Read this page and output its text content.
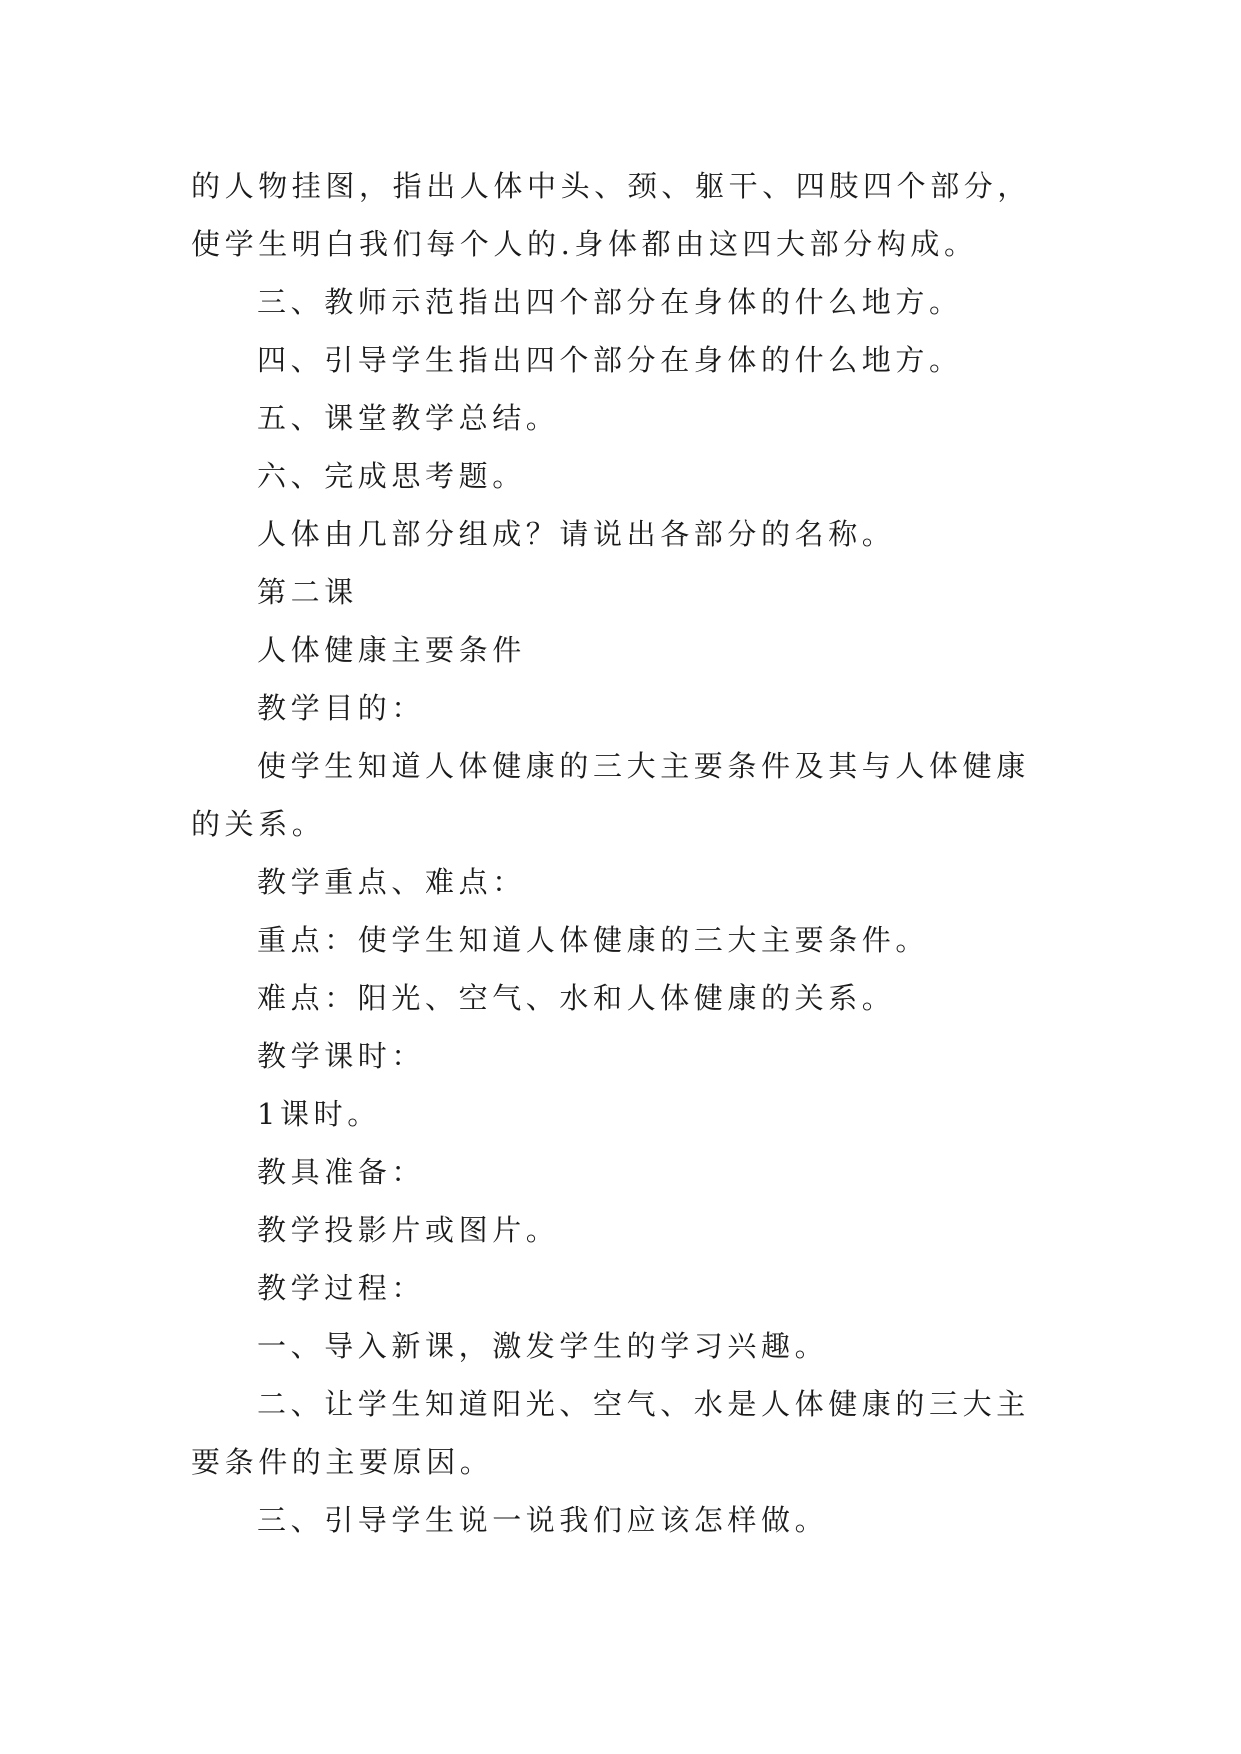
的人物挂图，指出人体中头、颈、躯干、四肢四个部分，使学生明白我们每个人的.身体都由这四大部分构成。

三、教师示范指出四个部分在身体的什么地方。

四、引导学生指出四个部分在身体的什么地方。

五、课堂教学总结。

六、完成思考题。

人体由几部分组成？请说出各部分的名称。

第二课

人体健康主要条件

教学目的：

使学生知道人体健康的三大主要条件及其与人体健康的关系。

教学重点、难点：

重点：使学生知道人体健康的三大主要条件。

难点：阳光、空气、水和人体健康的关系。

教学课时：

1课时。

教具准备：

教学投影片或图片。

教学过程：

一、导入新课，激发学生的学习兴趣。

二、让学生知道阳光、空气、水是人体健康的三大主要条件的主要原因。

三、引导学生说一说我们应该怎样做。
